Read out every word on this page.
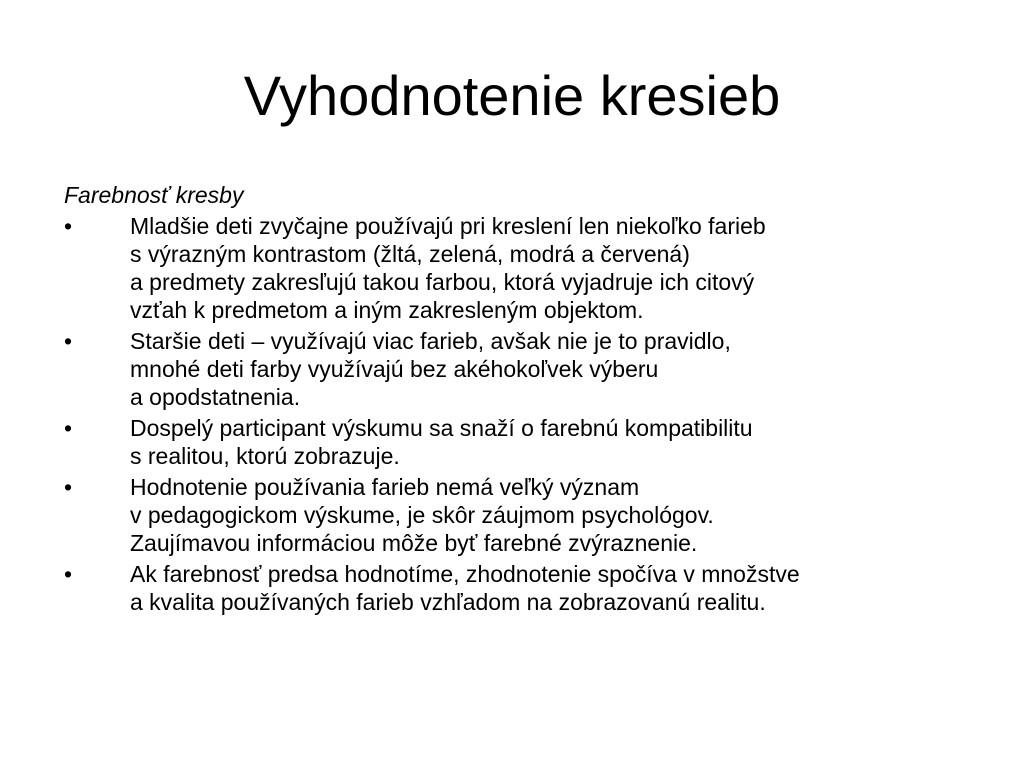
Vyhodnotenie kresieb
Farebnosť kresby
•	Mladšie deti zvyčajne používajú pri kreslení len niekoľko farieb
s výrazným kontrastom (žltá, zelená, modrá a červená)
a predmety zakresľujú takou farbou, ktorá vyjadruje ich citový
vzťah k predmetom a iným zakresleným objektom.
•	Staršie deti – využívajú viac farieb, avšak nie je to pravidlo,
mnohé deti farby využívajú bez akéhokoľvek výberu
a opodstatnenia.
•	Dospelý participant výskumu sa snaží o farebnú kompatibilitu
s realitou, ktorú zobrazuje.
•	Hodnotenie používania farieb nemá veľký význam
v pedagogickom výskume, je skôr záujmom psychológov.
Zaujímavou informáciou môže byť farebné zvýraznenie.
•	Ak farebnosť predsa hodnotíme, zhodnotenie spočíva v množstve
a kvalita používaných farieb vzhľadom na zobrazovanú realitu.
